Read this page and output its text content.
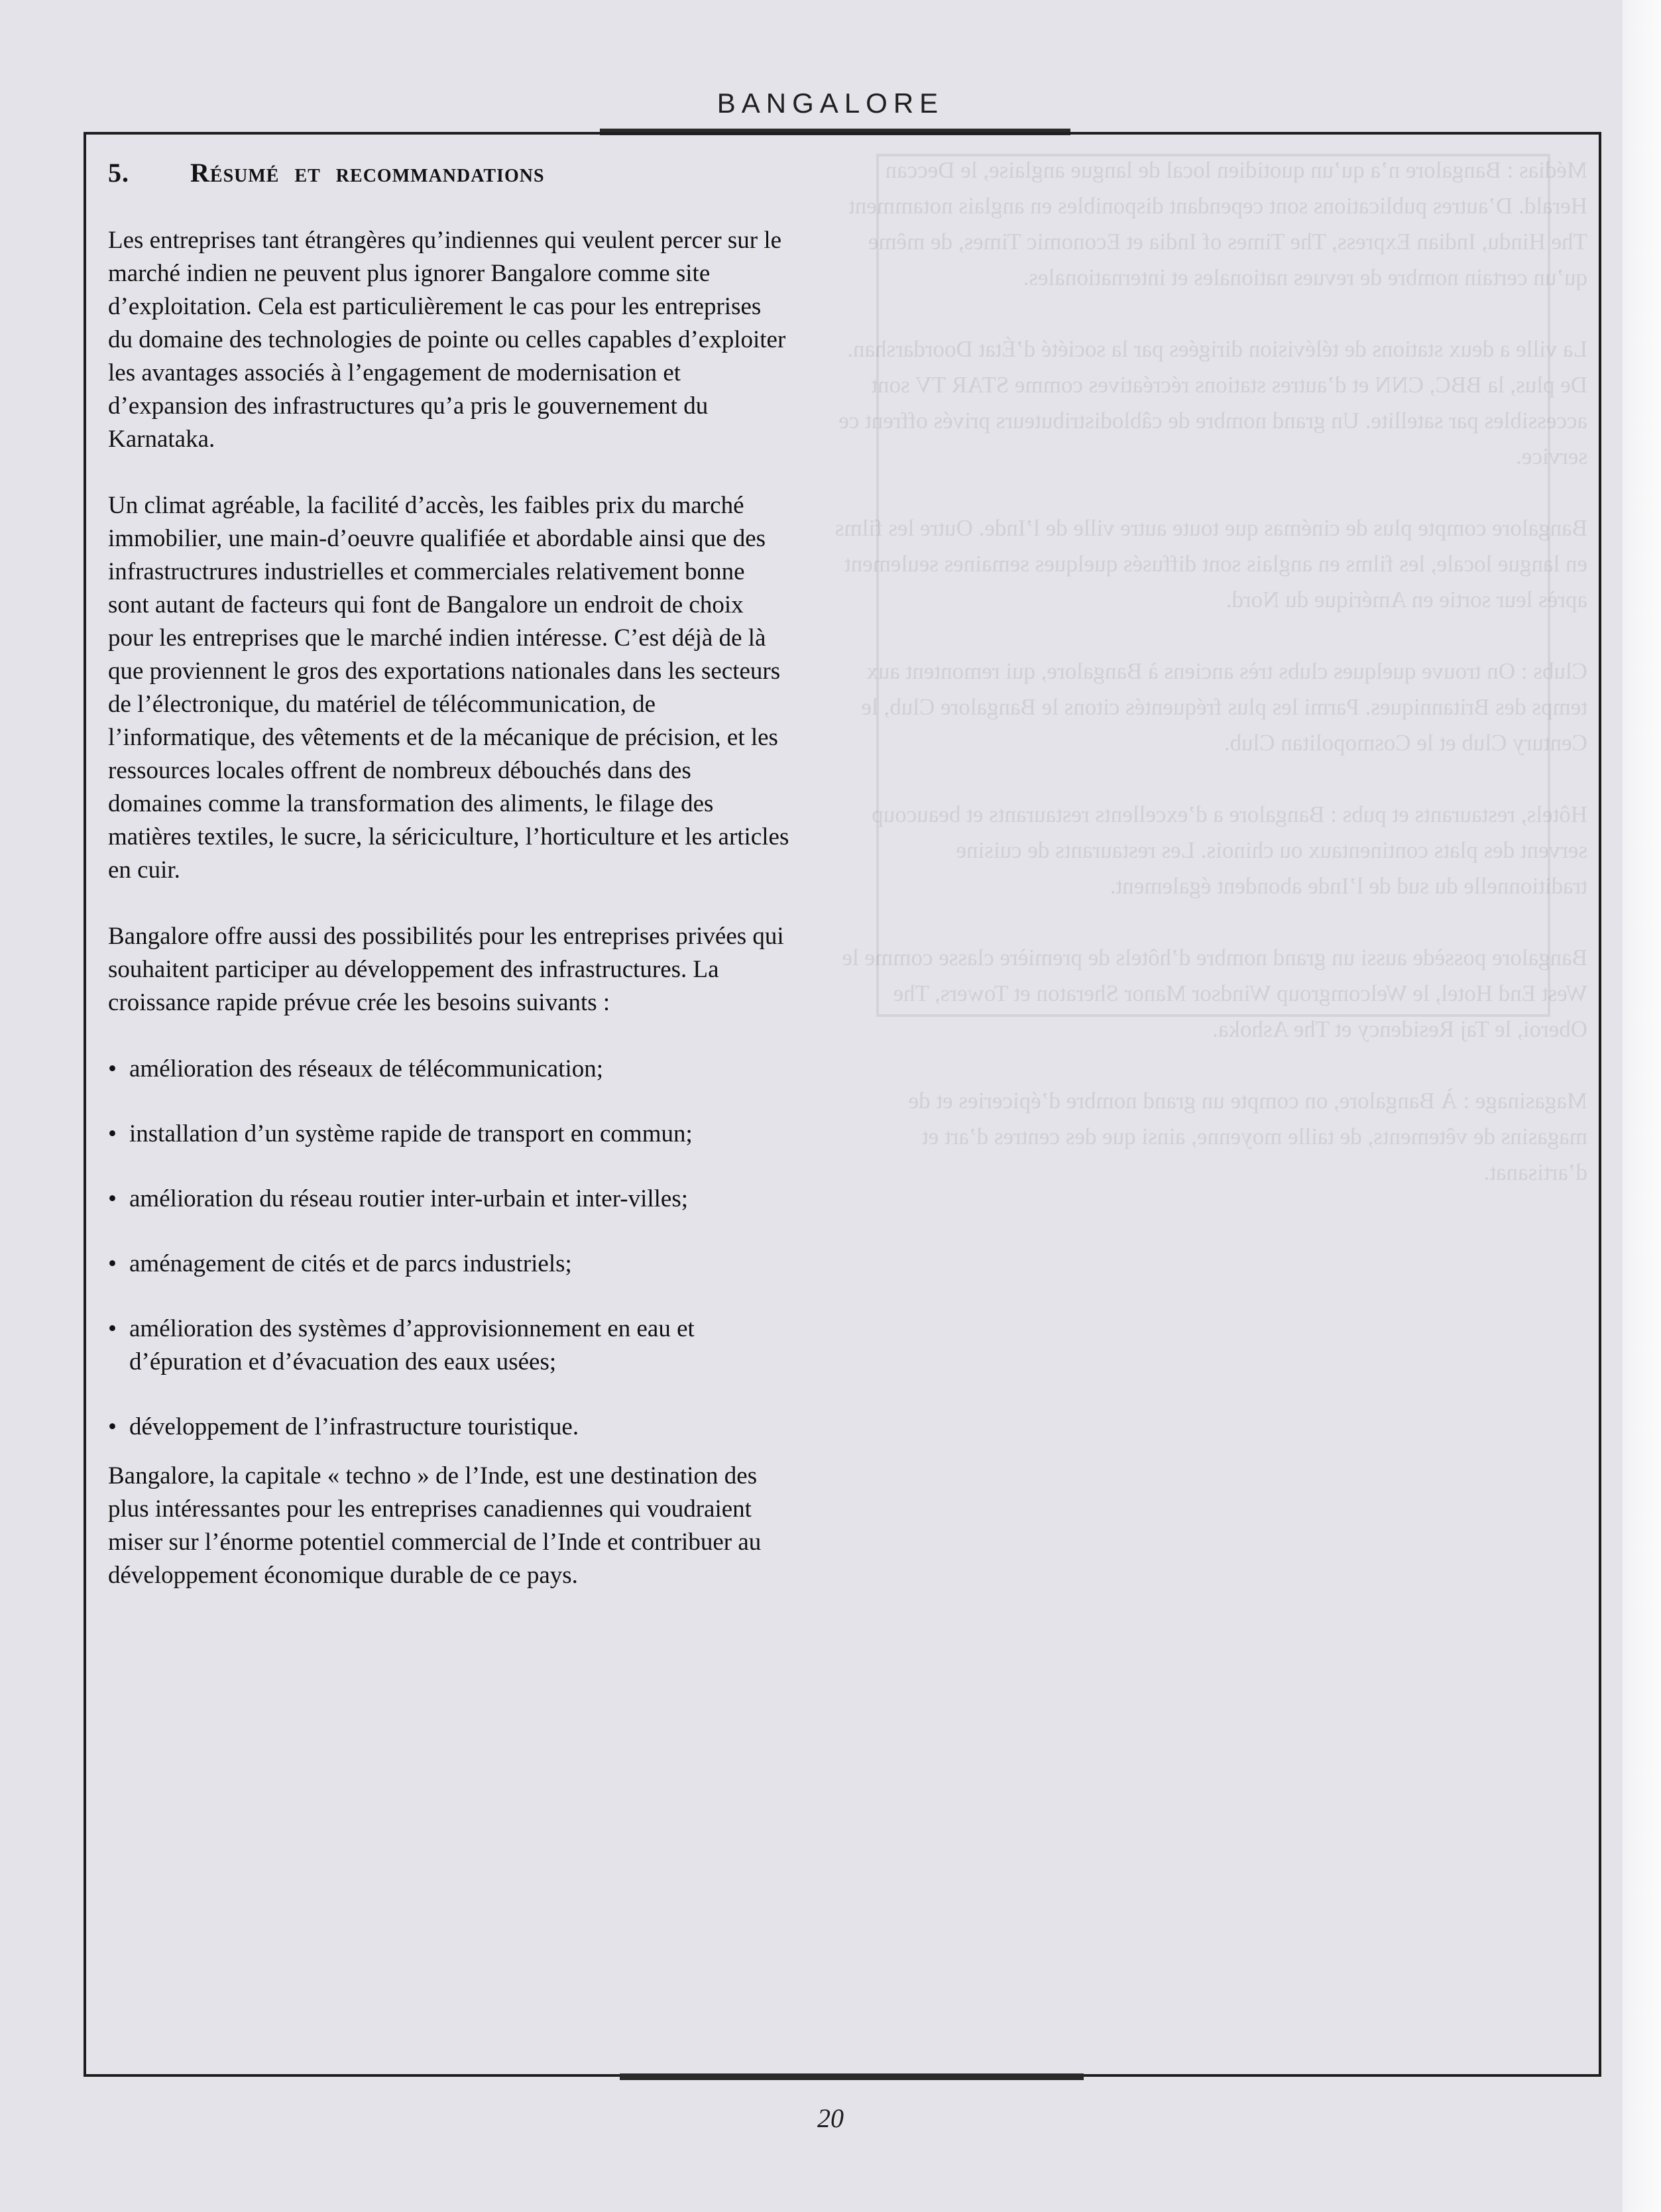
Médias : Bangalore n’a qu’un quotidien local de langue anglaise, le Deccan Herald. D’autres publications sont cependant disponibles en anglais notamment The Hindu, Indian Express, The Times of India et Economic Times, de même qu’un certain nombre de revues nationales et internationales.

La ville a deux stations de télévision dirigées par la société d’État Doordarshan. De plus, la BBC, CNN et d’autres stations récréatives comme STAR TV sont accessibles par satellite. Un grand nombre de câblodistributeurs privés offrent ce service.

Bangalore compte plus de cinémas que toute autre ville de l’Inde. Outre les films en langue locale, les films en anglais sont diffusés quelques semaines seulement après leur sortie en Amérique du Nord.

Clubs : On trouve quelques clubs très anciens à Bangalore, qui remontent aux temps des Britanniques. Parmi les plus fréquentés citons le Bangalore Club, le Century Club et le Cosmopolitan Club.

Hôtels, restaurants et pubs : Bangalore a d’excellents restaurants et beaucoup servent des plats continentaux ou chinois. Les restaurants de cuisine traditionnelle du sud de l’Inde abondent également.

Bangalore possède aussi un grand nombre d’hôtels de première classe comme le West End Hotel, le Welcomgroup Windsor Manor Sheraton et Towers, The Oberoi, le Taj Residency et The Ashoka.

Magasinage : À Bangalore, on compte un grand nombre d’épiceries et de magasins de vêtements, de taille moyenne, ainsi que des centres d’art et d’artisanat.

BANGALORE
5. Résumé et recommandations

Les entreprises tant étrangères qu’indiennes qui veulent percer sur le marché indien ne peuvent plus ignorer Bangalore comme site d’exploitation. Cela est particulièrement le cas pour les entreprises du domaine des technologies de pointe ou celles capables d’exploiter les avantages associés à l’engagement de modernisation et d’expansion des infrastructures qu’a pris le gouvernement du Karnataka.

Un climat agréable, la facilité d’accès, les faibles prix du marché immobilier, une main-d’oeuvre qualifiée et abordable ainsi que des infrastructrures industrielles et commerciales relativement bonne sont autant de facteurs qui font de Bangalore un endroit de choix pour les entreprises que le marché indien intéresse. C’est déjà de là que proviennent le gros des exportations nationales dans les secteurs de l’électronique, du matériel de télécommunication, de l’informatique, des vêtements et de la mécanique de précision, et les ressources locales offrent de nombreux débouchés dans des domaines comme la transformation des aliments, le filage des matières textiles, le sucre, la sériciculture, l’horticulture et les articles en cuir.

Bangalore offre aussi des possibilités pour les entreprises privées qui souhaitent participer au développement des infrastructures. La croissance rapide prévue crée les besoins suivants :

• amélioration des réseaux de télécommunication;
• installation d’un système rapide de transport en commun;
• amélioration du réseau routier inter-urbain et inter-villes;
• aménagement de cités et de parcs industriels;
• amélioration des systèmes d’approvisionnement en eau et d’épuration et d’évacuation des eaux usées;
• développement de l’infrastructure touristique.

Bangalore, la capitale « techno » de l’Inde, est une destination des plus intéressantes pour les entreprises canadiennes qui voudraient miser sur l’énorme potentiel commercial de l’Inde et contribuer au développement économique durable de ce pays.

20
